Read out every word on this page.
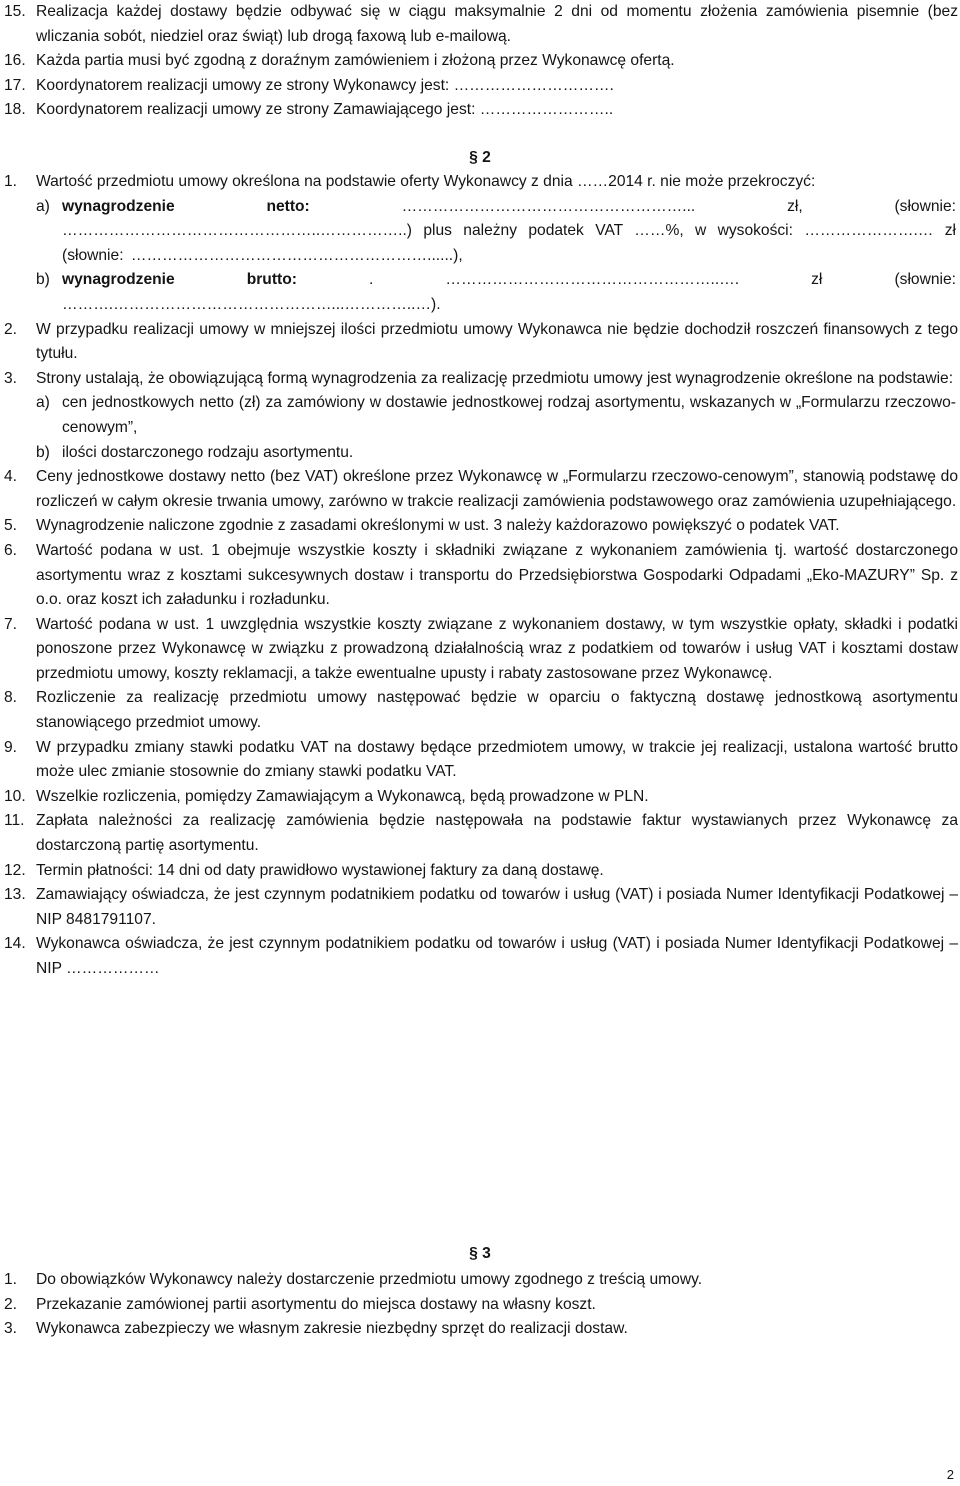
15. Realizacja każdej dostawy będzie odbywać się w ciągu maksymalnie 2 dni od momentu złożenia zamówienia pisemnie (bez wliczania sobót, niedziel oraz świąt) lub drogą faxową lub e-mailową.
16. Każda partia musi być zgodną z doraźnym zamówieniem i złożoną przez Wykonawcę ofertą.
17. Koordynatorem realizacji umowy ze strony Wykonawcy jest: ………………………….
18. Koordynatorem realizacji umowy ze strony Zamawiającego jest: ……………………..
§ 2
1.	Wartość przedmiotu umowy określona na podstawie oferty Wykonawcy z dnia ……2014 r. nie może przekroczyć:
a) wynagrodzenie netto:	………………………………………………... zł, (słownie: …………………………………………..……………..) plus należny podatek VAT ……%, w wysokości: ………………….… zł (słownie: …………………………………………………......),
b) wynagrodzenie brutto:	. ……………………………………………..…. zł (słownie: ……….……………………………………...…………..…).
2.	W przypadku realizacji umowy w mniejszej ilości przedmiotu umowy Wykonawca nie będzie dochodził roszczeń finansowych z tego tytułu.
3.	Strony ustalają, że obowiązującą formą wynagrodzenia za realizację przedmiotu umowy jest wynagrodzenie określone na podstawie:
a) cen jednostkowych netto (zł) za zamówiony w dostawie jednostkowej rodzaj asortymentu, wskazanych w „Formularzu rzeczowo-cenowym”,
b) ilości dostarczonego rodzaju asortymentu.
4.	Ceny jednostkowe dostawy netto (bez VAT) określone przez Wykonawcę w „Formularzu rzeczowo-cenowym”, stanowią podstawę do rozliczeń w całym okresie trwania umowy, zarówno w trakcie realizacji zamówienia podstawowego oraz zamówienia uzupełniającego.
5.	Wynagrodzenie naliczone zgodnie z zasadami określonymi w ust. 3 należy każdorazowo powiększyć o podatek VAT.
6.	Wartość podana w ust. 1 obejmuje wszystkie koszty i składniki związane z wykonaniem zamówienia tj. wartość dostarczonego asortymentu wraz z kosztami sukcesywnych dostaw i transportu do Przedsiębiorstwa Gospodarki Odpadami „Eko-MAZURY” Sp. z o.o. oraz koszt ich załadunku i rozładunku.
7.	Wartość podana w ust. 1 uwzględnia wszystkie koszty związane z wykonaniem dostawy, w tym wszystkie opłaty, składki i podatki ponoszone przez Wykonawcę w związku z prowadzoną działalnością wraz z podatkiem od towarów i usług VAT i kosztami dostaw przedmiotu umowy, koszty reklamacji, a także ewentualne upusty i rabaty zastosowane przez Wykonawcę.
8.	Rozliczenie za realizację przedmiotu umowy następować będzie w oparciu o faktyczną dostawę jednostkową asortymentu stanowiącego przedmiot umowy.
9.	W przypadku zmiany stawki podatku VAT na dostawy będące przedmiotem umowy, w trakcie jej realizacji, ustalona wartość brutto może ulec zmianie stosownie do zmiany stawki podatku VAT.
10. Wszelkie rozliczenia, pomiędzy Zamawiającym a Wykonawcą, będą prowadzone w PLN.
11. Zapłata należności za realizację zamówienia będzie następowała na podstawie faktur wystawianych przez Wykonawcę za dostarczoną partię asortymentu.
12. Termin płatności: 14 dni od daty prawidłowo wystawionej faktury za daną dostawę.
13. Zamawiający oświadcza, że jest czynnym podatnikiem podatku od towarów i usług (VAT) i posiada Numer Identyfikacji Podatkowej – NIP 8481791107.
14. Wykonawca oświadcza, że jest czynnym podatnikiem podatku od towarów i usług (VAT) i posiada Numer Identyfikacji Podatkowej – NIP ………………
§ 3
1.	Do obowiązków Wykonawcy należy dostarczenie przedmiotu umowy zgodnego z treścią umowy.
2.	Przekazanie zamówionej partii asortymentu do miejsca dostawy na własny koszt.
3.	Wykonawca zabezpieczy we własnym zakresie niezbędny sprzęt do realizacji dostaw.
2
